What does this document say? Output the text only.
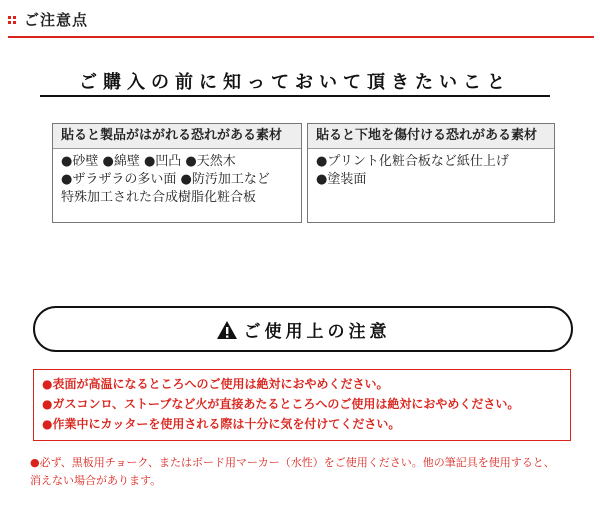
ご注意点
ご購入の前に知っておいて頂きたいこと
貼ると製品がはがれる恐れがある素材
●砂壁 ●綿壁 ●凹凸 ●天然木
●ザラザラの多い面 ●防汚加工など
特殊加工された合成樹脂化粧合板
貼ると下地を傷付ける恐れがある素材
●プリント化粧合板など紙仕上げ
●塗装面
ご使用上の注意
●表面が高温になるところへのご使用は絶対におやめください。
●ガスコンロ、ストーブなど火が直接あたるところへのご使用は絶対におやめください。
●作業中にカッターを使用される際は十分に気を付けてください。
●必ず、黒板用チョーク、またはボード用マーカー（水性）をご使用ください。他の筆記具を使用すると、
消えない場合があります。
